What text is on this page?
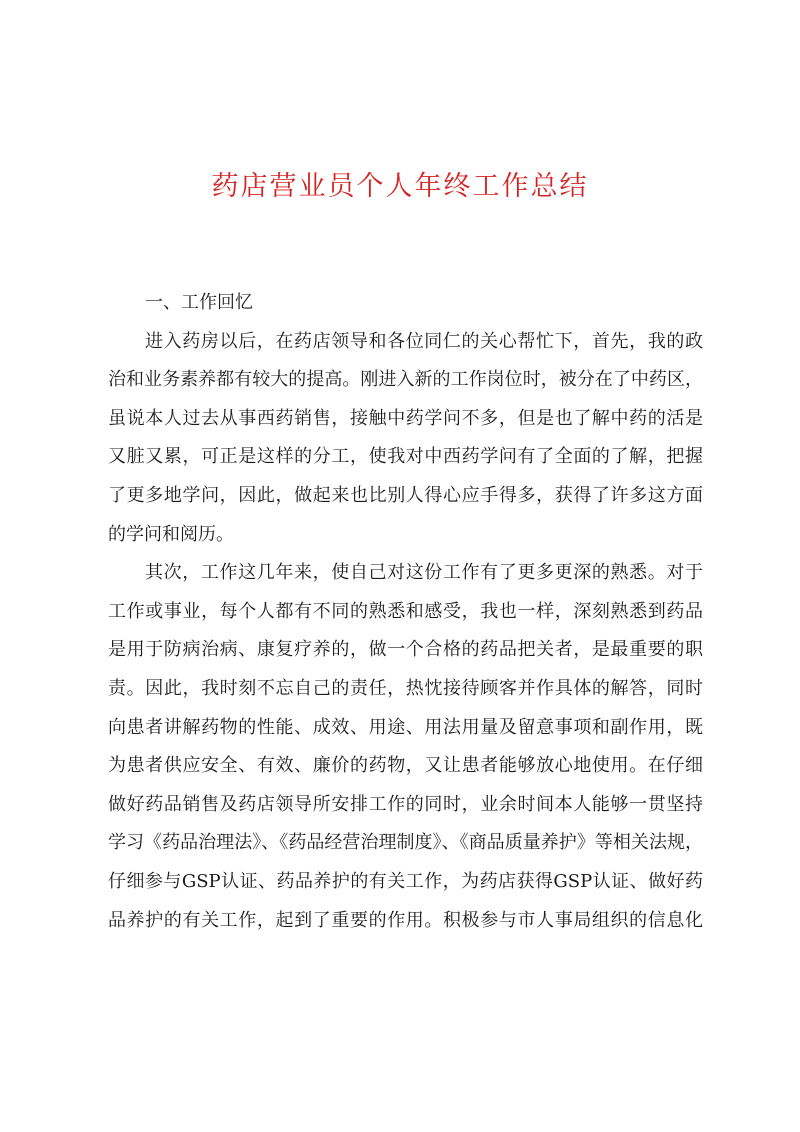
药店营业员个人年终工作总结
一、工作回忆
进入药房以后，在药店领导和各位同仁的关心帮忙下，首先，我的政
治和业务素养都有较大的提高。刚进入新的工作岗位时，被分在了中药区，
虽说本人过去从事西药销售，接触中药学问不多，但是也了解中药的活是
又脏又累，可正是这样的分工，使我对中西药学问有了全面的了解，把握
了更多地学问，因此，做起来也比别人得心应手得多，获得了许多这方面
的学问和阅历。
其次，工作这几年来，使自己对这份工作有了更多更深的熟悉。对于
工作或事业，每个人都有不同的熟悉和感受，我也一样，深刻熟悉到药品
是用于防病治病、康复疗养的，做一个合格的药品把关者，是最重要的职
责。因此，我时刻不忘自己的责任，热忱接待顾客并作具体的解答，同时
向患者讲解药物的性能、成效、用途、用法用量及留意事项和副作用，既
为患者供应安全、有效、廉价的药物，又让患者能够放心地使用。在仔细
做好药品销售及药店领导所安排工作的同时，业余时间本人能够一贯坚持
学习《药品治理法》、《药品经营治理制度》、《商品质量养护》等相关法规，
仔细参与GSP认证、药品养护的有关工作，为药店获得GSP认证、做好药
品养护的有关工作，起到了重要的作用。积极参与市人事局组织的信息化
